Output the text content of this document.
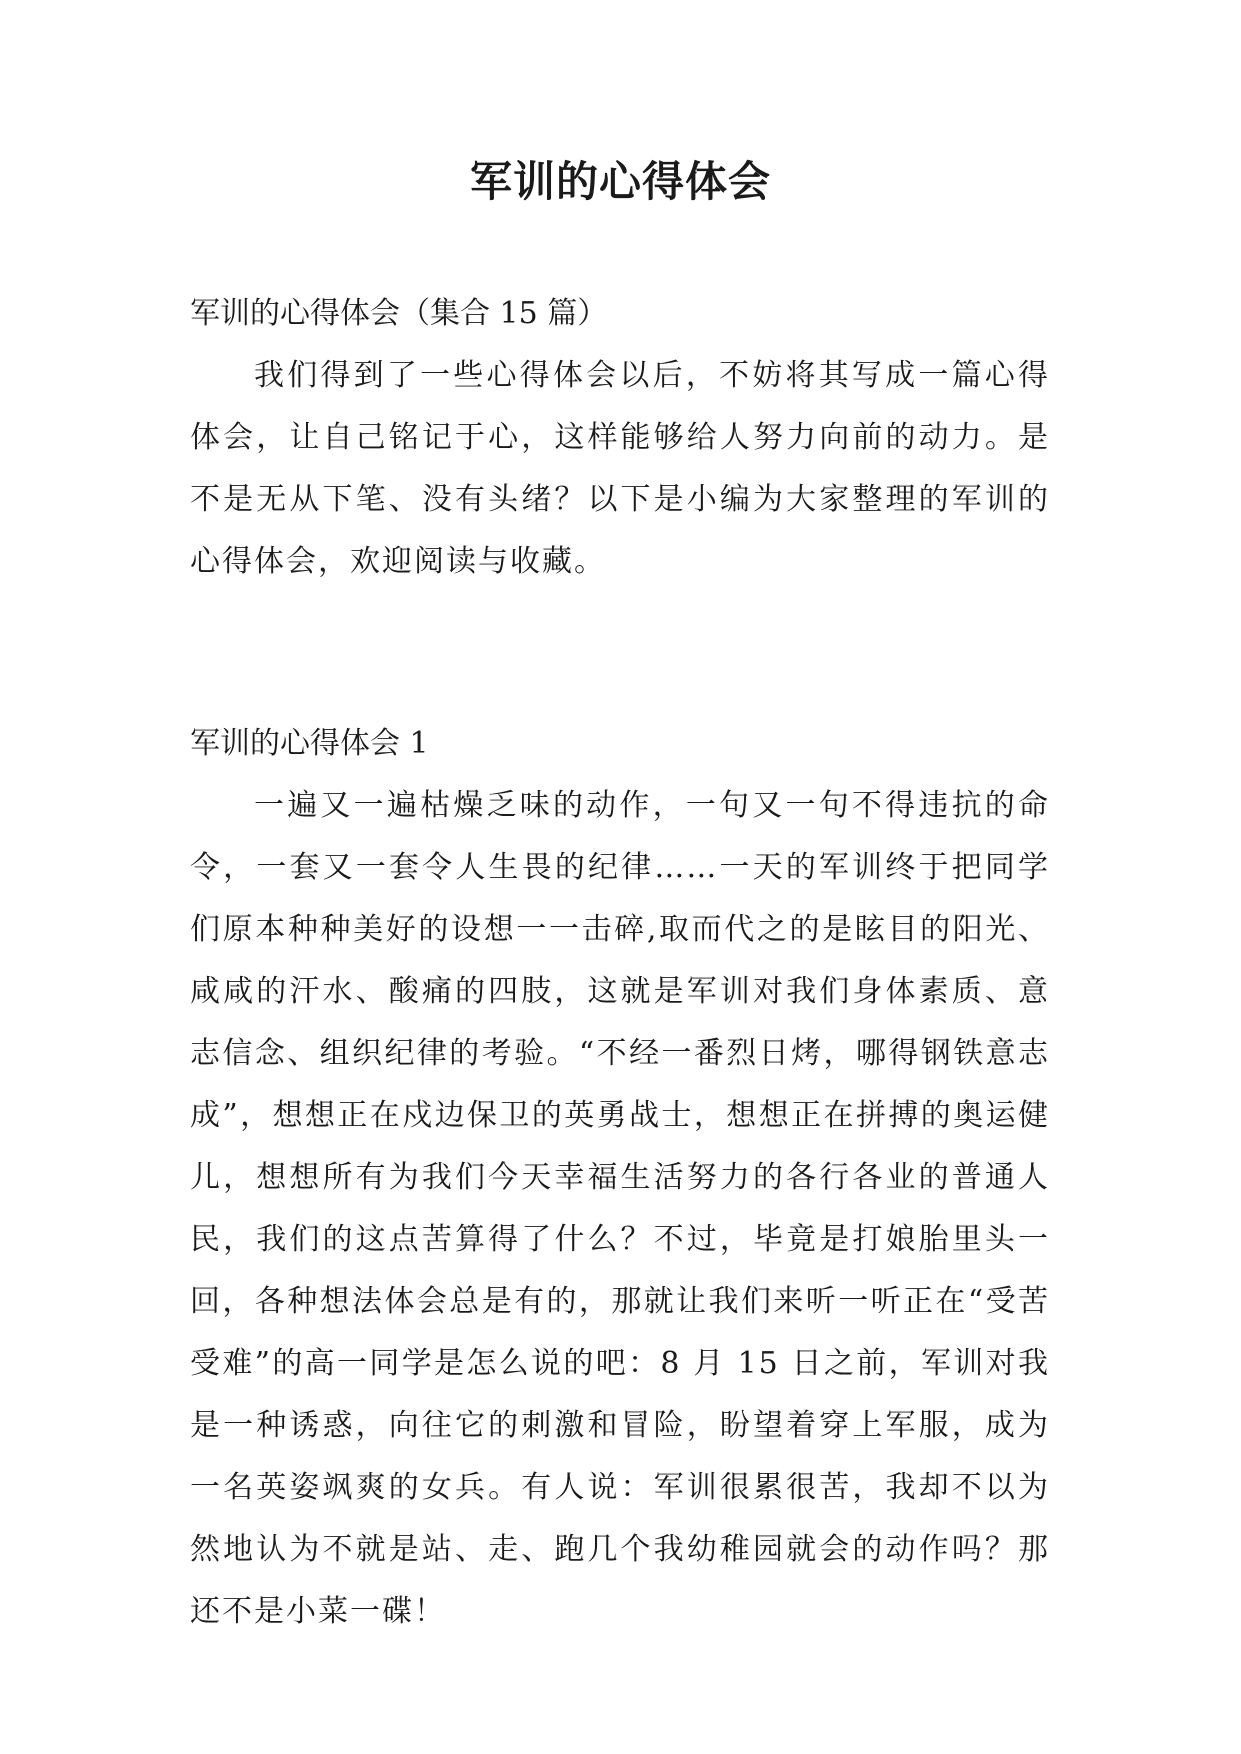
军训的心得体会

军训的心得体会（集合 15 篇）

我们得到了一些心得体会以后，不妨将其写成一篇心得体会，让自己铭记于心，这样能够给人努力向前的动力。是不是无从下笔、没有头绪？以下是小编为大家整理的军训的心得体会，欢迎阅读与收藏。

军训的心得体会 1

一遍又一遍枯燥乏味的动作，一句又一句不得违抗的命令，一套又一套令人生畏的纪律……一天的军训终于把同学们原本种种美好的设想一一击碎,取而代之的是眩目的阳光、咸咸的汗水、酸痛的四肢，这就是军训对我们身体素质、意志信念、组织纪律的考验。“不经一番烈日烤，哪得钢铁意志成”，想想正在戍边保卫的英勇战士，想想正在拼搏的奥运健儿，想想所有为我们今天幸福生活努力的各行各业的普通人民，我们的这点苦算得了什么？不过，毕竟是打娘胎里头一回，各种想法体会总是有的，那就让我们来听一听正在“受苦受难”的高一同学是怎么说的吧：8 月 15 日之前，军训对我是一种诱惑，向往它的刺激和冒险，盼望着穿上军服，成为一名英姿飒爽的女兵。有人说：军训很累很苦，我却不以为然地认为不就是站、走、跑几个我幼稚园就会的动作吗？那还不是小菜一碟！
